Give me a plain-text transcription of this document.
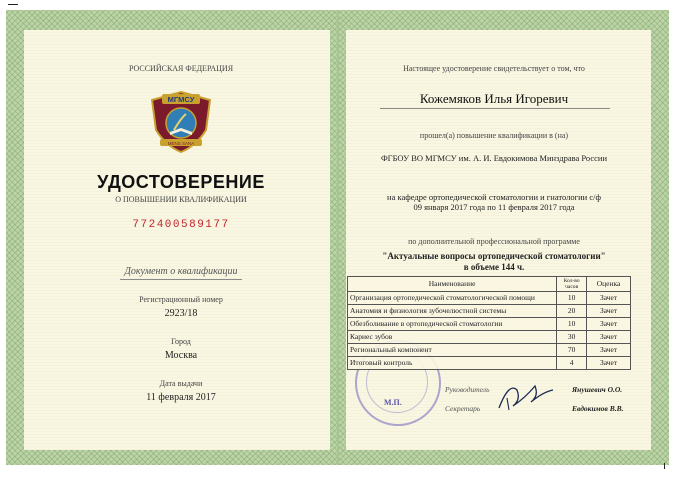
РОССИЙСКАЯ ФЕДЕРАЦИЯ
МГМСУ
MENS SANA
УДОСТОВЕРЕНИЕ
О ПОВЫШЕНИИ КВАЛИФИКАЦИИ
772400589177
Документ о квалификации
Регистрационный номер
2923/18
Город
Москва
Дата выдачи
11 февраля 2017
Настоящее удостоверение свидетельствует о том, что
Кожемяков Илья Игоревич
прошел(а) повышение квалификации в (на)
ФГБОУ ВО МГМСУ им. А. И. Евдокимова Минздрава России
на кафедре ортопедической стоматологии и гнатологии с/ф
09 января 2017 года по 11 февраля 2017 года
по дополнительной профессиональной программе
"Актуальные вопросы ортопедической стоматологии"
в объеме 144 ч.
Наименование	Кол-во часов	Оценка
Организация ортопедической стоматологической помощи	10	Зачет
Анатомия и физиология зубочелюстной системы	20	Зачет
Обезболивание в ортопедической стоматологии	10	Зачет
Кариес зубов	30	Зачет
Региональный компонент	70	Зачет
Итоговый контроль	4	Зачет
М.П.
Руководитель
Секретарь
Янушевич О.О.
Евдокимов В.В.
